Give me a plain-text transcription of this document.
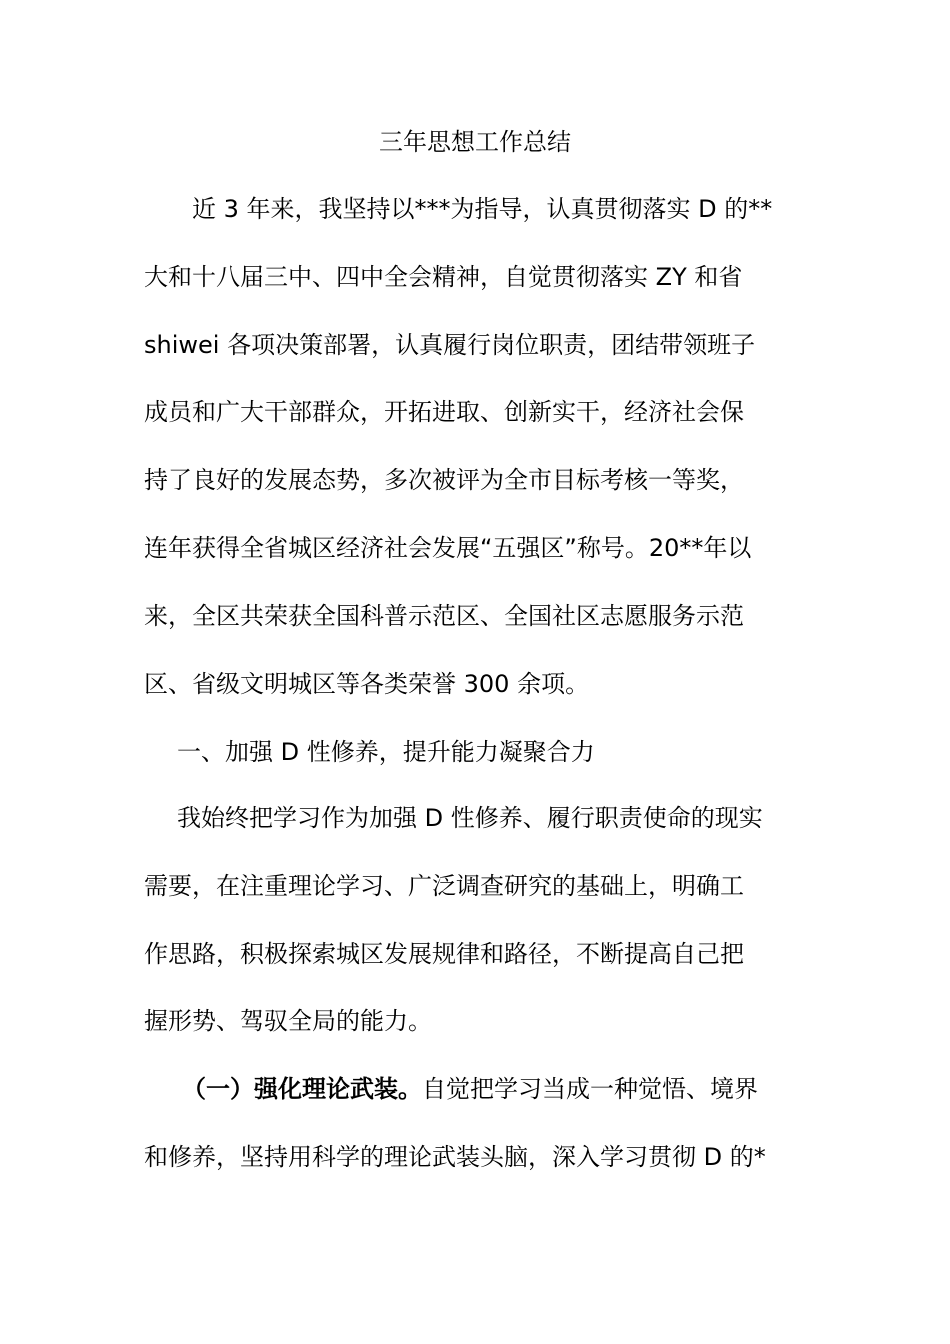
三年思想工作总结
近 3 年来，我坚持以***为指导，认真贯彻落实 D 的**
大和十八届三中、四中全会精神，自觉贯彻落实 ZY 和省
shiwei 各项决策部署，认真履行岗位职责，团结带领班子
成员和广大干部群众，开拓进取、创新实干，经济社会保
持了良好的发展态势，多次被评为全市目标考核一等奖，
连年获得全省城区经济社会发展“五强区”称号。20**年以
来，全区共荣获全国科普示范区、全国社区志愿服务示范
区、省级文明城区等各类荣誉 300 余项。
一、加强 D 性修养，提升能力凝聚合力
我始终把学习作为加强 D 性修养、履行职责使命的现实
需要，在注重理论学习、广泛调查研究的基础上，明确工
作思路，积极探索城区发展规律和路径，不断提高自己把
握形势、驾驭全局的能力。
（一）强化理论武装。自觉把学习当成一种觉悟、境界
和修养，坚持用科学的理论武装头脑，深入学习贯彻 D 的*
